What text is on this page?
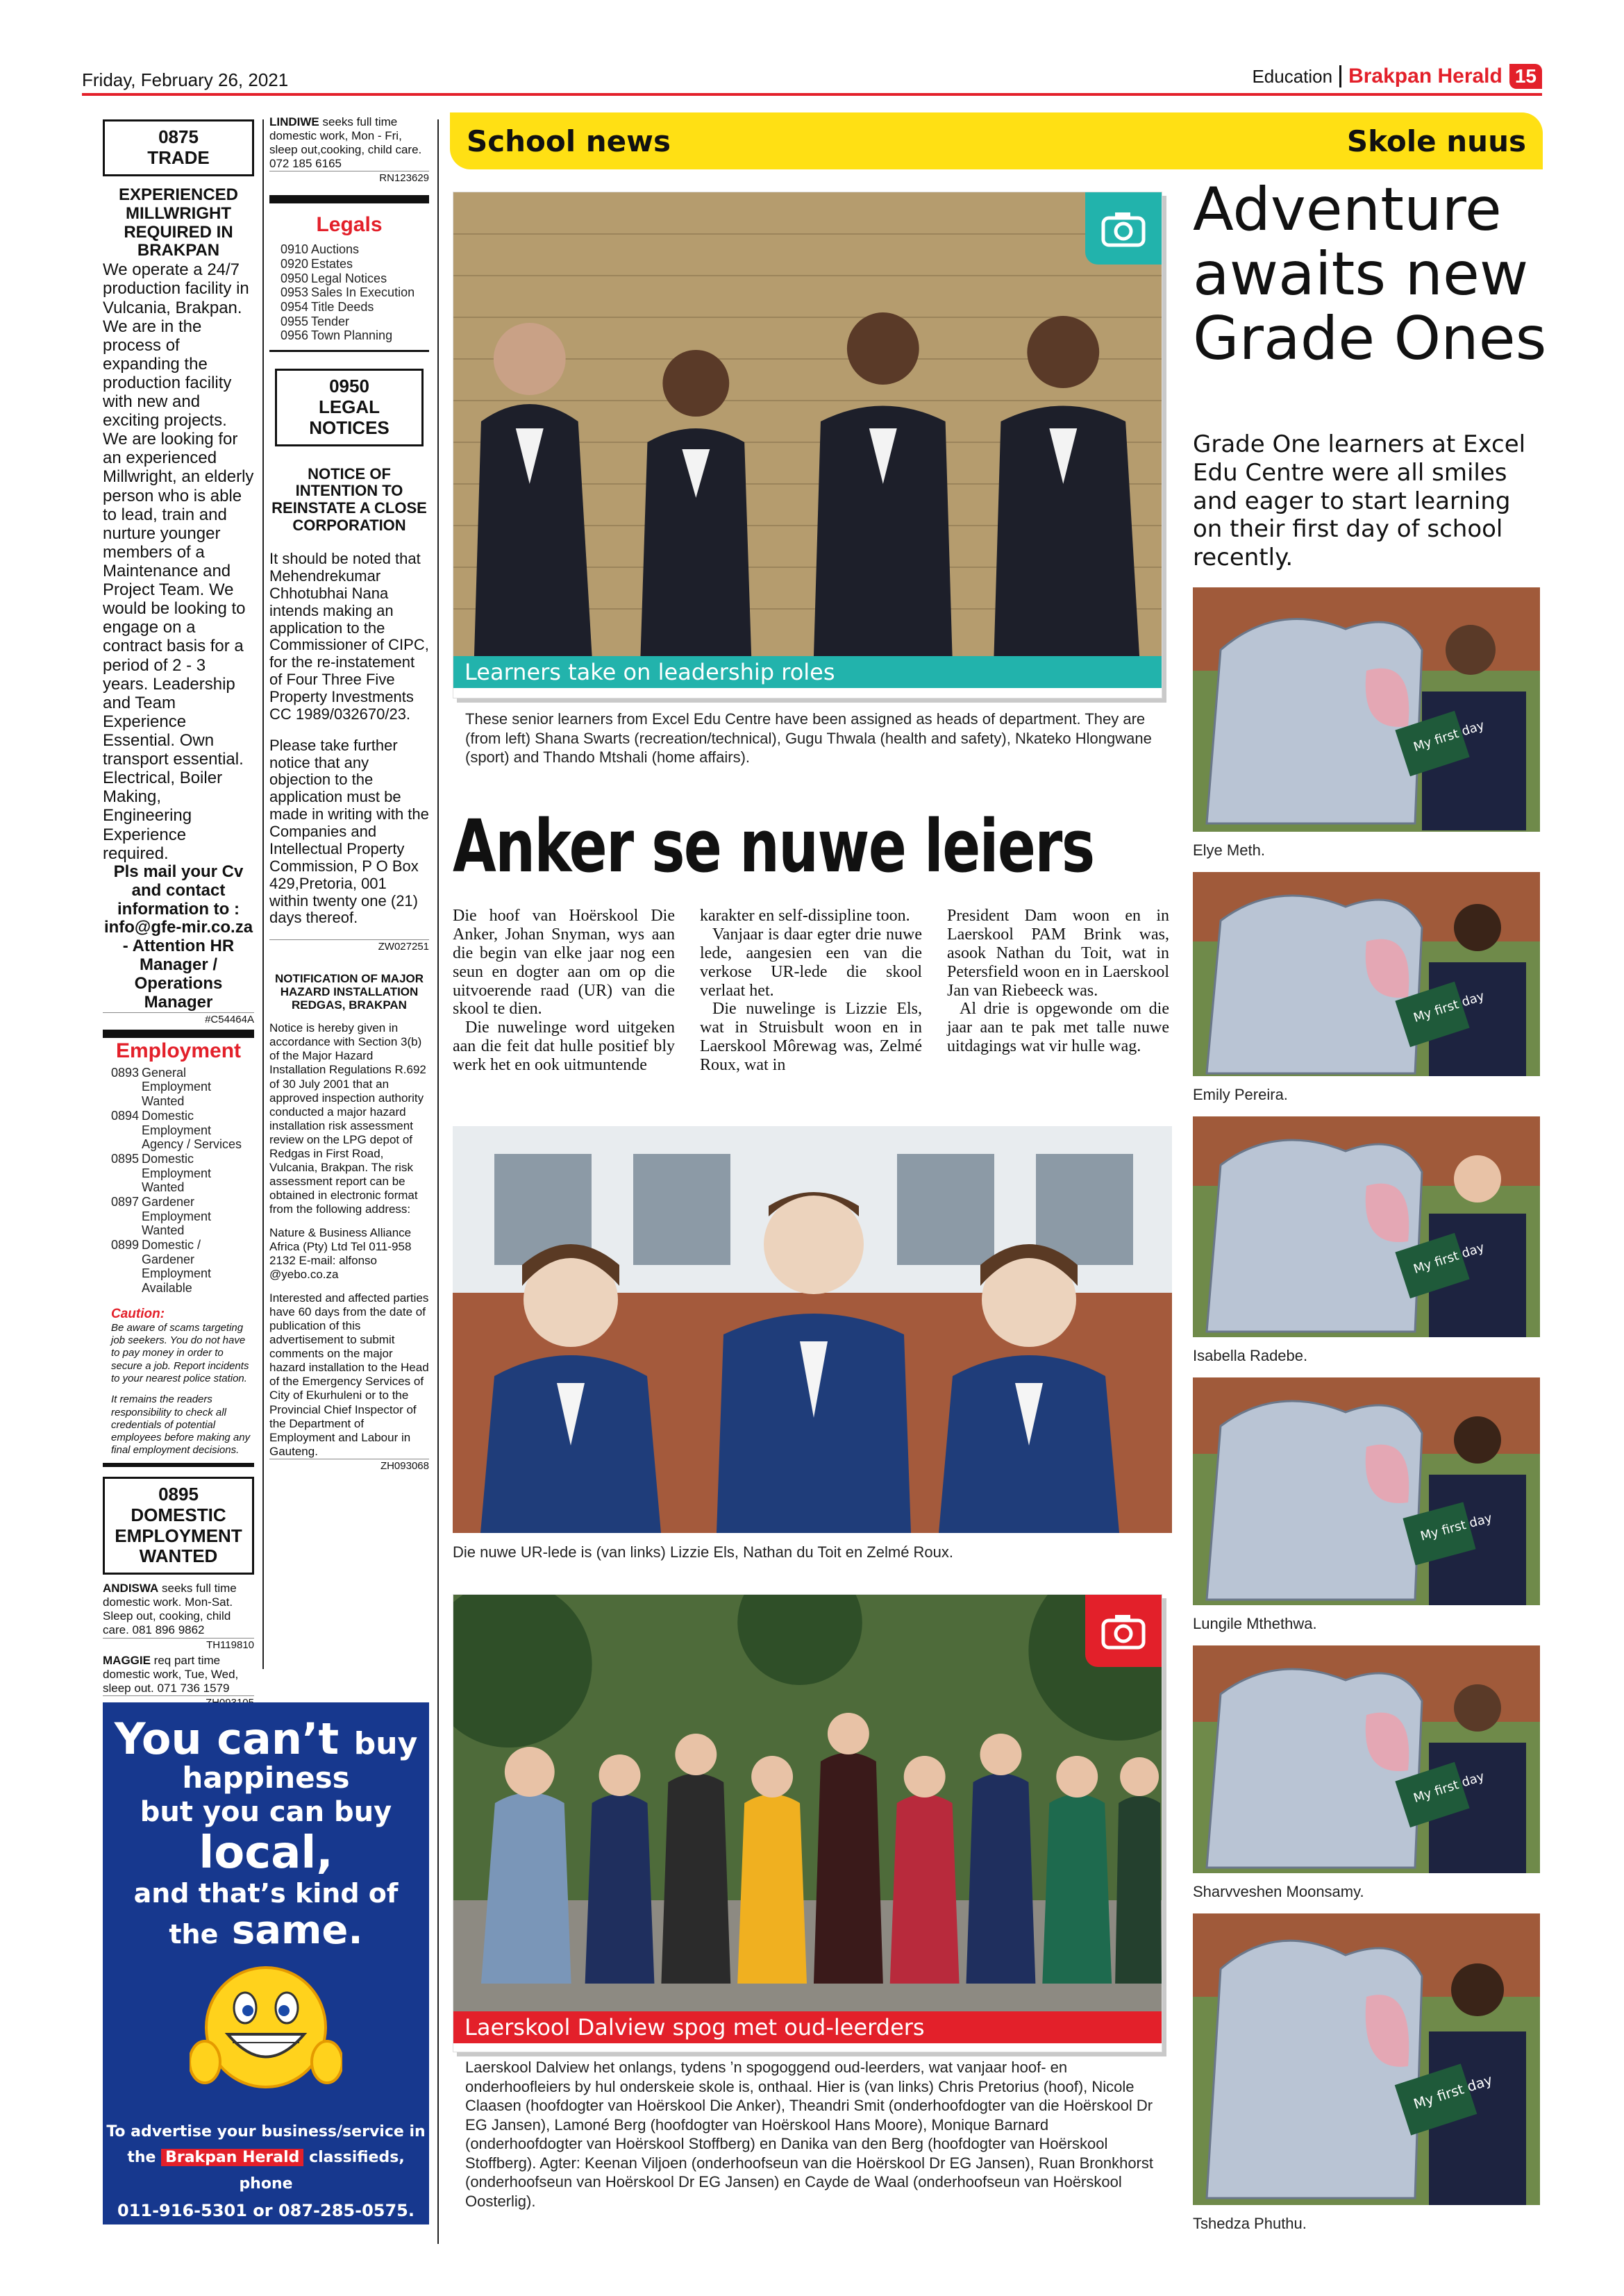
Friday, February 26, 2021	Education Brakpan Herald 15
0875
TRADE
EXPERIENCED MILLWRIGHT REQUIRED IN BRAKPAN
We operate a 24/7 production facility in Vulcania, Brakpan. We are in the process of expanding the production facility with new and exciting projects. We are looking for an experienced Millwright, an elderly person who is able to lead, train and nurture younger members of a Maintenance and Project Team. We would be looking to engage on a contract basis for a period of 2 - 3 years. Leadership and Team Experience Essential. Own transport essential. Electrical, Boiler Making, Engineering Experience required.
Pls mail your Cv and contact information to : info@gfe-mir.co.za - Attention HR Manager / Operations Manager
#C54464A
Employment
0893 General Employment Wanted
0894 Domestic Employment Agency / Services
0895 Domestic Employment Wanted
0897 Gardener Employment Wanted
0899 Domestic / Gardener Employment Available
Caution:
Be aware of scams targeting job seekers. You do not have to pay money in order to secure a job. Report incidents to your nearest police station.
It remains the readers responsibility to check all credentials of potential employees before making any final employment decisions.
0895
DOMESTIC EMPLOYMENT WANTED
ANDISWA seeks full time domestic work. Mon-Sat. Sleep out, cooking, child care. 081 896 9862
TH119810
MAGGIE req part time domestic work, Tue, Wed, sleep out. 071 736 1579
LINDIWE seeks full time domestic work, Mon - Fri, sleep out,cooking, child care. 072 185 6165
RN123629
Legals
0910 Auctions
0920 Estates
0950 Legal Notices
0953 Sales In Execution
0954 Title Deeds
0955 Tender
0956 Town Planning
0950
LEGAL NOTICES
NOTICE OF INTENTION TO REINSTATE A CLOSE CORPORATION
It should be noted that Mehendrekumar Chhotubhai Nana intends making an application to the Commissioner of CIPC, for the re-instatement of Four Three Five Property Investments CC 1989/032670/23.
Please take further notice that any objection to the application must be made in writing with the Companies and Intellectual Property Commission, P O Box 429,Pretoria, 001 within twenty one (21) days thereof.
ZW027251
NOTIFICATION OF MAJOR HAZARD INSTALLATION REDGAS, BRAKPAN
Notice is hereby given in accordance with Section 3(b) of the Major Hazard Installation Regulations R.692 of 30 July 2001 that an approved inspection authority conducted a major hazard installation risk assessment review on the LPG depot of Redgas in First Road, Vulcania, Brakpan. The risk assessment report can be obtained in electronic format from the following address:
Nature & Business Alliance Africa (Pty) Ltd Tel 011-958 2132 E-mail: alfonso @yebo.co.za
Interested and affected parties have 60 days from the date of publication of this advertisement to submit comments on the major hazard installation to the Head of the Emergency Services of City of Ekurhuleni or to the Provincial Chief Inspector of the Department of Employment and Labour in Gauteng.
ZH093068
You can’t buy
happiness
but you can buy
local,
and that’s kind of
the same.
To advertise your business/service in
the Brakpan Herald classifieds, phone
011-916-5301 or 087-285-0575.
School news	Skole nuus
Learners take on leadership roles
These senior learners from Excel Edu Centre have been assigned as heads of department. They are (from left) Shana Swarts (recreation/technical), Gugu Thwala (health and safety), Nkateko Hlongwane (sport) and Thando Mtshali (home affairs).
Anker se nuwe leiers

Die hoof van Hoërskool Die Anker, Johan Snyman, wys aan die begin van elke jaar nog een seun en dogter aan om op die uitvoerende raad (UR) van die skool te dien.

Die nuwelinge word uitgeken aan die feit dat hulle positief bly werk het en ook uitmuntende

karakter en self-dissipline toon.

Vanjaar is daar egter drie nuwe lede, aangesien een van die verkose UR-lede die skool verlaat het.

Die nuwelinge is Lizzie Els, wat in Struisbult woon en in Laerskool Môrewag was, Zelmé Roux, wat in

President Dam woon en in Laerskool PAM Brink was, asook Nathan du Toit, wat in Petersfield woon en in Laerskool Jan van Riebeeck was.

Al drie is opgewonde om die jaar aan te pak met talle nuwe uitdagings wat vir hulle wag.

Die nuwe UR-lede is (van links) Lizzie Els, Nathan du Toit en Zelmé Roux.
Laerskool Dalview spog met oud-leerders
Laerskool Dalview het onlangs, tydens ’n spogoggend oud-leerders, wat vanjaar hoof- en onderhoofleiers by hul onderskeie skole is, onthaal. Hier is (van links) Chris Pretorius (hoof), Nicole Claasen (hoofdogter van Hoërskool Die Anker), Theandri Smit (onderhoofdogter van die Hoërskool Dr EG Jansen), Lamoné Berg (hoofdogter van Hoërskool Hans Moore), Monique Barnard (onderhoofdogter van Hoërskool Stoffberg) en Danika van den Berg (hoofdogter van Hoërskool Stoffberg). Agter: Keenan Viljoen (onderhoofseun van die Hoërskool Dr EG Jansen), Ruan Bronkhorst (onderhoofseun van Hoërskool Dr EG Jansen) en Cayde de Waal (onderhoofseun van Hoërskool Oosterlig).
Adventure awaits new Grade Ones
Grade One learners at Excel Edu Centre were all smiles and eager to start learning on their first day of school recently.
My first day
Elye Meth.
My first day
Emily Pereira.
My first day
Isabella Radebe.
My first day
Lungile Mthethwa.
My first day
Sharvveshen Moonsamy.
My first day
Tshedza Phuthu.
